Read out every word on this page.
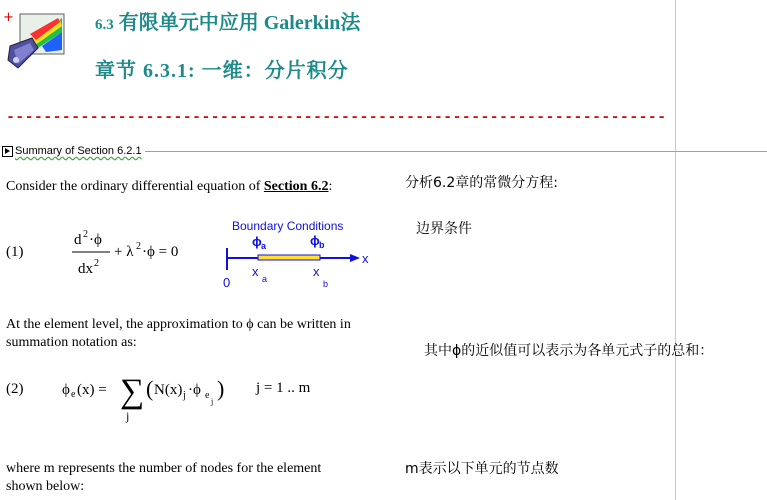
+	6.3 有限单元中应用 Galerkin法
章节 6.3.1: 一维：分片积分
-----------------------------------------------------------------------
Summary of Section 6.2.1
Consider the ordinary differential equation of Section 6.2:	分析6.2章的常微分方程:
(1)
d 2 ·ϕ
dx 2
+ λ 2 ·ϕ = 0
边界条件
Boundary Conditions
ϕ a	ϕ b
x
0
x a	x
b
At the element level, the approximation to ϕ can be written in
summation notation as:
其中ϕ的近似值可以表示为各单元式子的总和：
(2)	ϕ e (x) = ∑
j
( N(x) j ·ϕ e
j
) j = 1 .. m
where m represents the number of nodes for the element
shown below:
m表示以下单元的节点数
